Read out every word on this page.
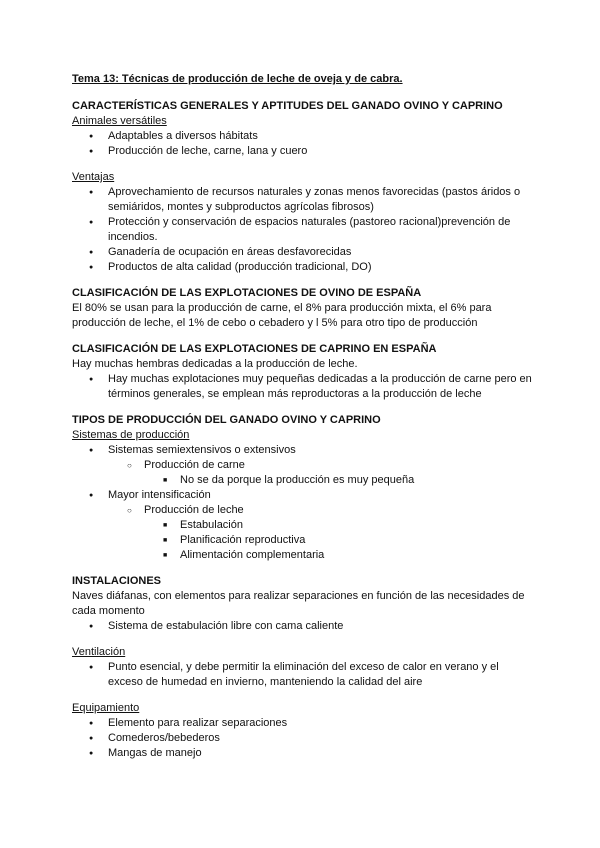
Tema 13: Técnicas de producción de leche de oveja y de cabra.

CARACTERÍSTICAS GENERALES Y APTITUDES DEL GANADO OVINO Y CAPRINO

Animales versátiles

● Adaptables a diversos hábitats
● Producción de leche, carne, lana y cuero

Ventajas

● Aprovechamiento de recursos naturales y zonas menos favorecidas (pastos áridos o semiáridos, montes y subproductos agrícolas fibrosos)
● Protección y conservación de espacios naturales (pastoreo racional)prevención de incendios.
● Ganadería de ocupación en áreas desfavorecidas
● Productos de alta calidad (producción tradicional, DO)

CLASIFICACIÓN DE LAS EXPLOTACIONES DE OVINO DE ESPAÑA

El 80% se usan para la producción de carne, el 8% para producción mixta, el 6% para producción de leche, el 1% de cebo o cebadero y l 5% para otro tipo de producción

CLASIFICACIÓN DE LAS EXPLOTACIONES DE CAPRINO EN ESPAÑA

Hay muchas hembras dedicadas a la producción de leche.

● Hay muchas explotaciones muy pequeñas dedicadas a la producción de carne pero en términos generales, se emplean más reproductoras a la producción de leche

TIPOS DE PRODUCCIÓN DEL GANADO OVINO Y CAPRINO

Sistemas de producción

● Sistemas semiextensivos o extensivos
○ Producción de carne
■ No se da porque la producción es muy pequeña
● Mayor intensificación
○ Producción de leche
■ Estabulación
■ Planificación reproductiva
■ Alimentación complementaria

INSTALACIONES

Naves diáfanas, con elementos para realizar separaciones en función de las necesidades de cada momento

● Sistema de estabulación libre con cama caliente

Ventilación

● Punto esencial, y debe permitir la eliminación del exceso de calor en verano y el exceso de humedad en invierno, manteniendo la calidad del aire

Equipamiento

● Elemento para realizar separaciones
● Comederos/bebederos
● Mangas de manejo
